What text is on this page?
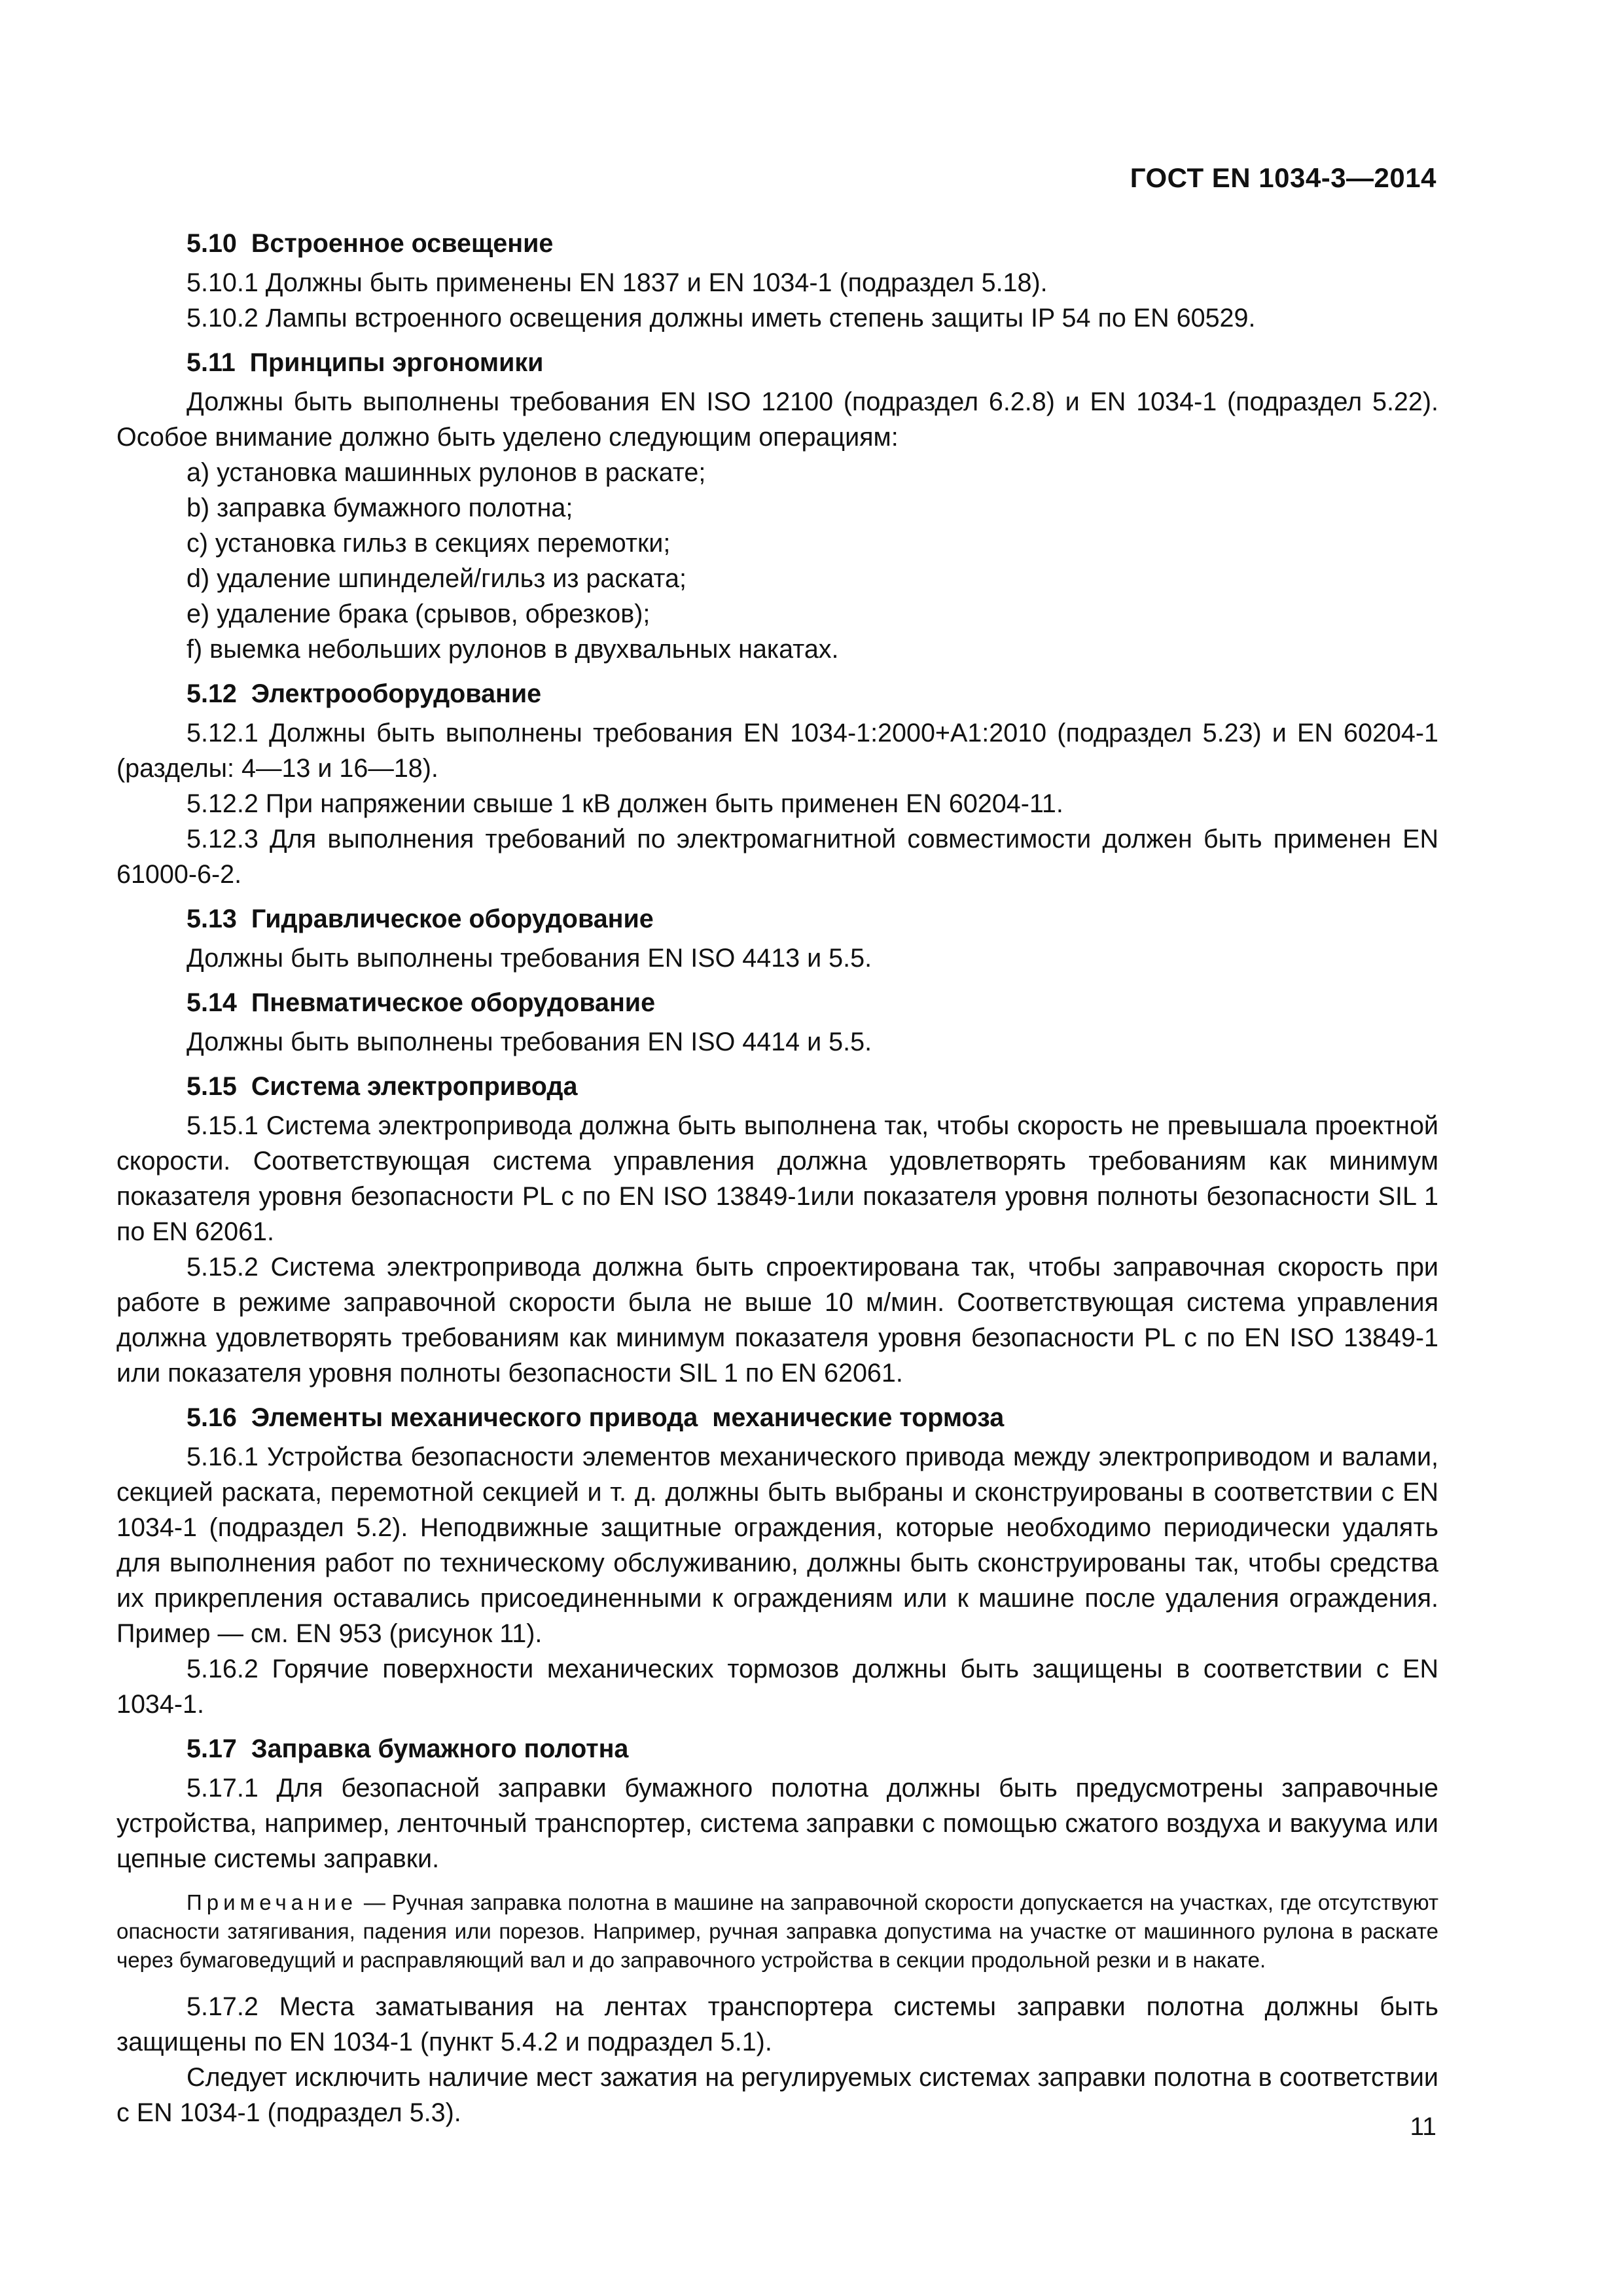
ГОСТ EN 1034-3—2014
5.10  Встроенное освещение

5.10.1 Должны быть применены EN 1837 и EN 1034-1 (подраздел 5.18).

5.10.2 Лампы встроенного освещения должны иметь степень защиты IP 54 по EN 60529.

5.11  Принципы эргономики

Должны быть выполнены требования EN ISO 12100 (подраздел 6.2.8) и EN 1034-1 (подраздел 5.22). Особое внимание должно быть уделено следующим операциям:

a) установка машинных рулонов в раскате;

b) заправка бумажного полотна;

c) установка гильз в секциях перемотки;

d) удаление шпинделей/гильз из раската;

e) удаление брака (срывов, обрезков);

f) выемка небольших рулонов в двухвальных накатах.

5.12  Электрооборудование

5.12.1 Должны быть выполнены требования EN 1034-1:2000+A1:2010 (подраздел 5.23) и EN 60204-1 (разделы: 4—13 и 16—18).

5.12.2 При напряжении свыше 1 кВ должен быть применен EN 60204-11.

5.12.3 Для выполнения требований по электромагнитной совместимости должен быть применен EN 61000-6-2.

5.13  Гидравлическое оборудование

Должны быть выполнены требования EN ISO 4413 и 5.5.

5.14  Пневматическое оборудование

Должны быть выполнены требования EN ISO 4414 и 5.5.

5.15  Система электропривода

5.15.1 Система электропривода должна быть выполнена так, чтобы скорость не превышала проектной скорости. Соответствующая система управления должна удовлетворять требованиям как минимум показателя уровня безопасности PL c по EN ISO 13849-1или показателя уровня полноты безопасности SIL 1 по EN 62061.

5.15.2 Система электропривода должна быть спроектирована так, чтобы заправочная скорость при работе в режиме заправочной скорости была не выше 10 м/мин. Соответствующая система управления должна удовлетворять требованиям как минимум показателя уровня безопасности PL c по EN ISO 13849-1 или показателя уровня полноты безопасности SIL 1 по EN 62061.

5.16  Элементы механического привода  механические тормоза

5.16.1 Устройства безопасности элементов механического привода между электроприводом и валами, секцией раската, перемотной секцией и т. д. должны быть выбраны и сконструированы в соответствии с EN 1034-1 (подраздел 5.2). Неподвижные защитные ограждения, которые необходимо периодически удалять для выполнения работ по техническому обслуживанию, должны быть сконструированы так, чтобы средства их прикрепления оставались присоединенными к ограждениям или к машине после удаления ограждения. Пример — см. EN 953 (рисунок 11).

5.16.2 Горячие поверхности механических тормозов должны быть защищены в соответствии с EN 1034-1.

5.17  Заправка бумажного полотна

5.17.1 Для безопасной заправки бумажного полотна должны быть предусмотрены заправочные устройства, например, ленточный транспортер, система заправки с помощью сжатого воздуха и вакуума или цепные системы заправки.

Примечание — Ручная заправка полотна в машине на заправочной скорости допускается на участках, где отсутствуют опасности затягивания, падения или порезов. Например, ручная заправка допустима на участке от машинного рулона в раскате через бумаговедущий и расправляющий вал и до заправочного устройства в секции продольной резки и в накате.

5.17.2 Места заматывания на лентах транспортера системы заправки полотна должны быть защищены по EN 1034-1 (пункт 5.4.2 и подраздел 5.1).

Следует исключить наличие мест зажатия на регулируемых системах заправки полотна в соответствии с EN 1034-1 (подраздел 5.3).	11
